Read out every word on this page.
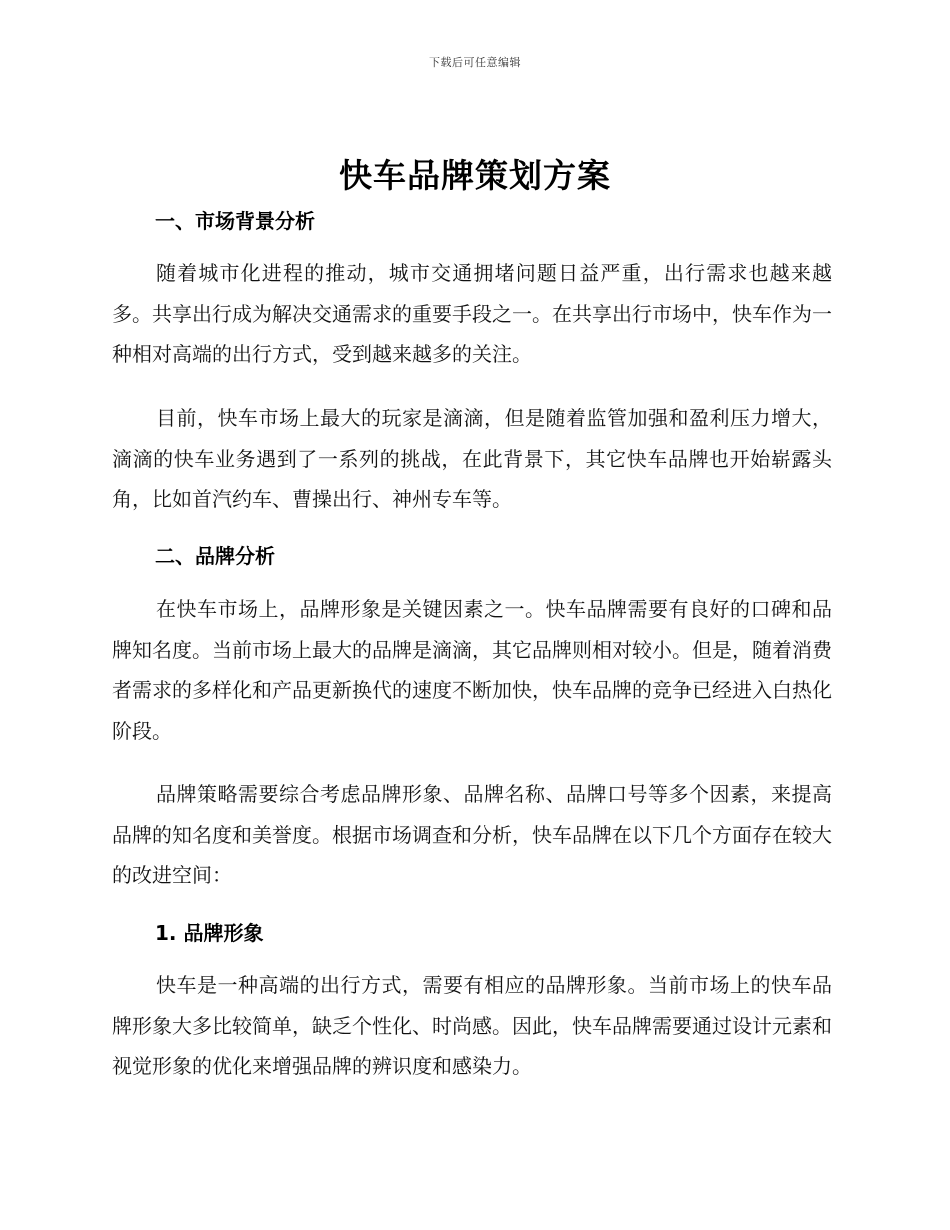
下载后可任意编辑
快车品牌策划方案
一、市场背景分析
随着城市化进程的推动，城市交通拥堵问题日益严重，出行需求也越来越多。共享出行成为解决交通需求的重要手段之一。在共享出行市场中，快车作为一种相对高端的出行方式，受到越来越多的关注。
目前，快车市场上最大的玩家是滴滴，但是随着监管加强和盈利压力增大，滴滴的快车业务遇到了一系列的挑战，在此背景下，其它快车品牌也开始崭露头角，比如首汽约车、曹操出行、神州专车等。
二、品牌分析
在快车市场上，品牌形象是关键因素之一。快车品牌需要有良好的口碑和品牌知名度。当前市场上最大的品牌是滴滴，其它品牌则相对较小。但是，随着消费者需求的多样化和产品更新换代的速度不断加快，快车品牌的竞争已经进入白热化阶段。
品牌策略需要综合考虑品牌形象、品牌名称、品牌口号等多个因素，来提高品牌的知名度和美誉度。根据市场调查和分析，快车品牌在以下几个方面存在较大的改进空间：
1. 品牌形象
快车是一种高端的出行方式，需要有相应的品牌形象。当前市场上的快车品牌形象大多比较简单，缺乏个性化、时尚感。因此，快车品牌需要通过设计元素和视觉形象的优化来增强品牌的辨识度和感染力。
